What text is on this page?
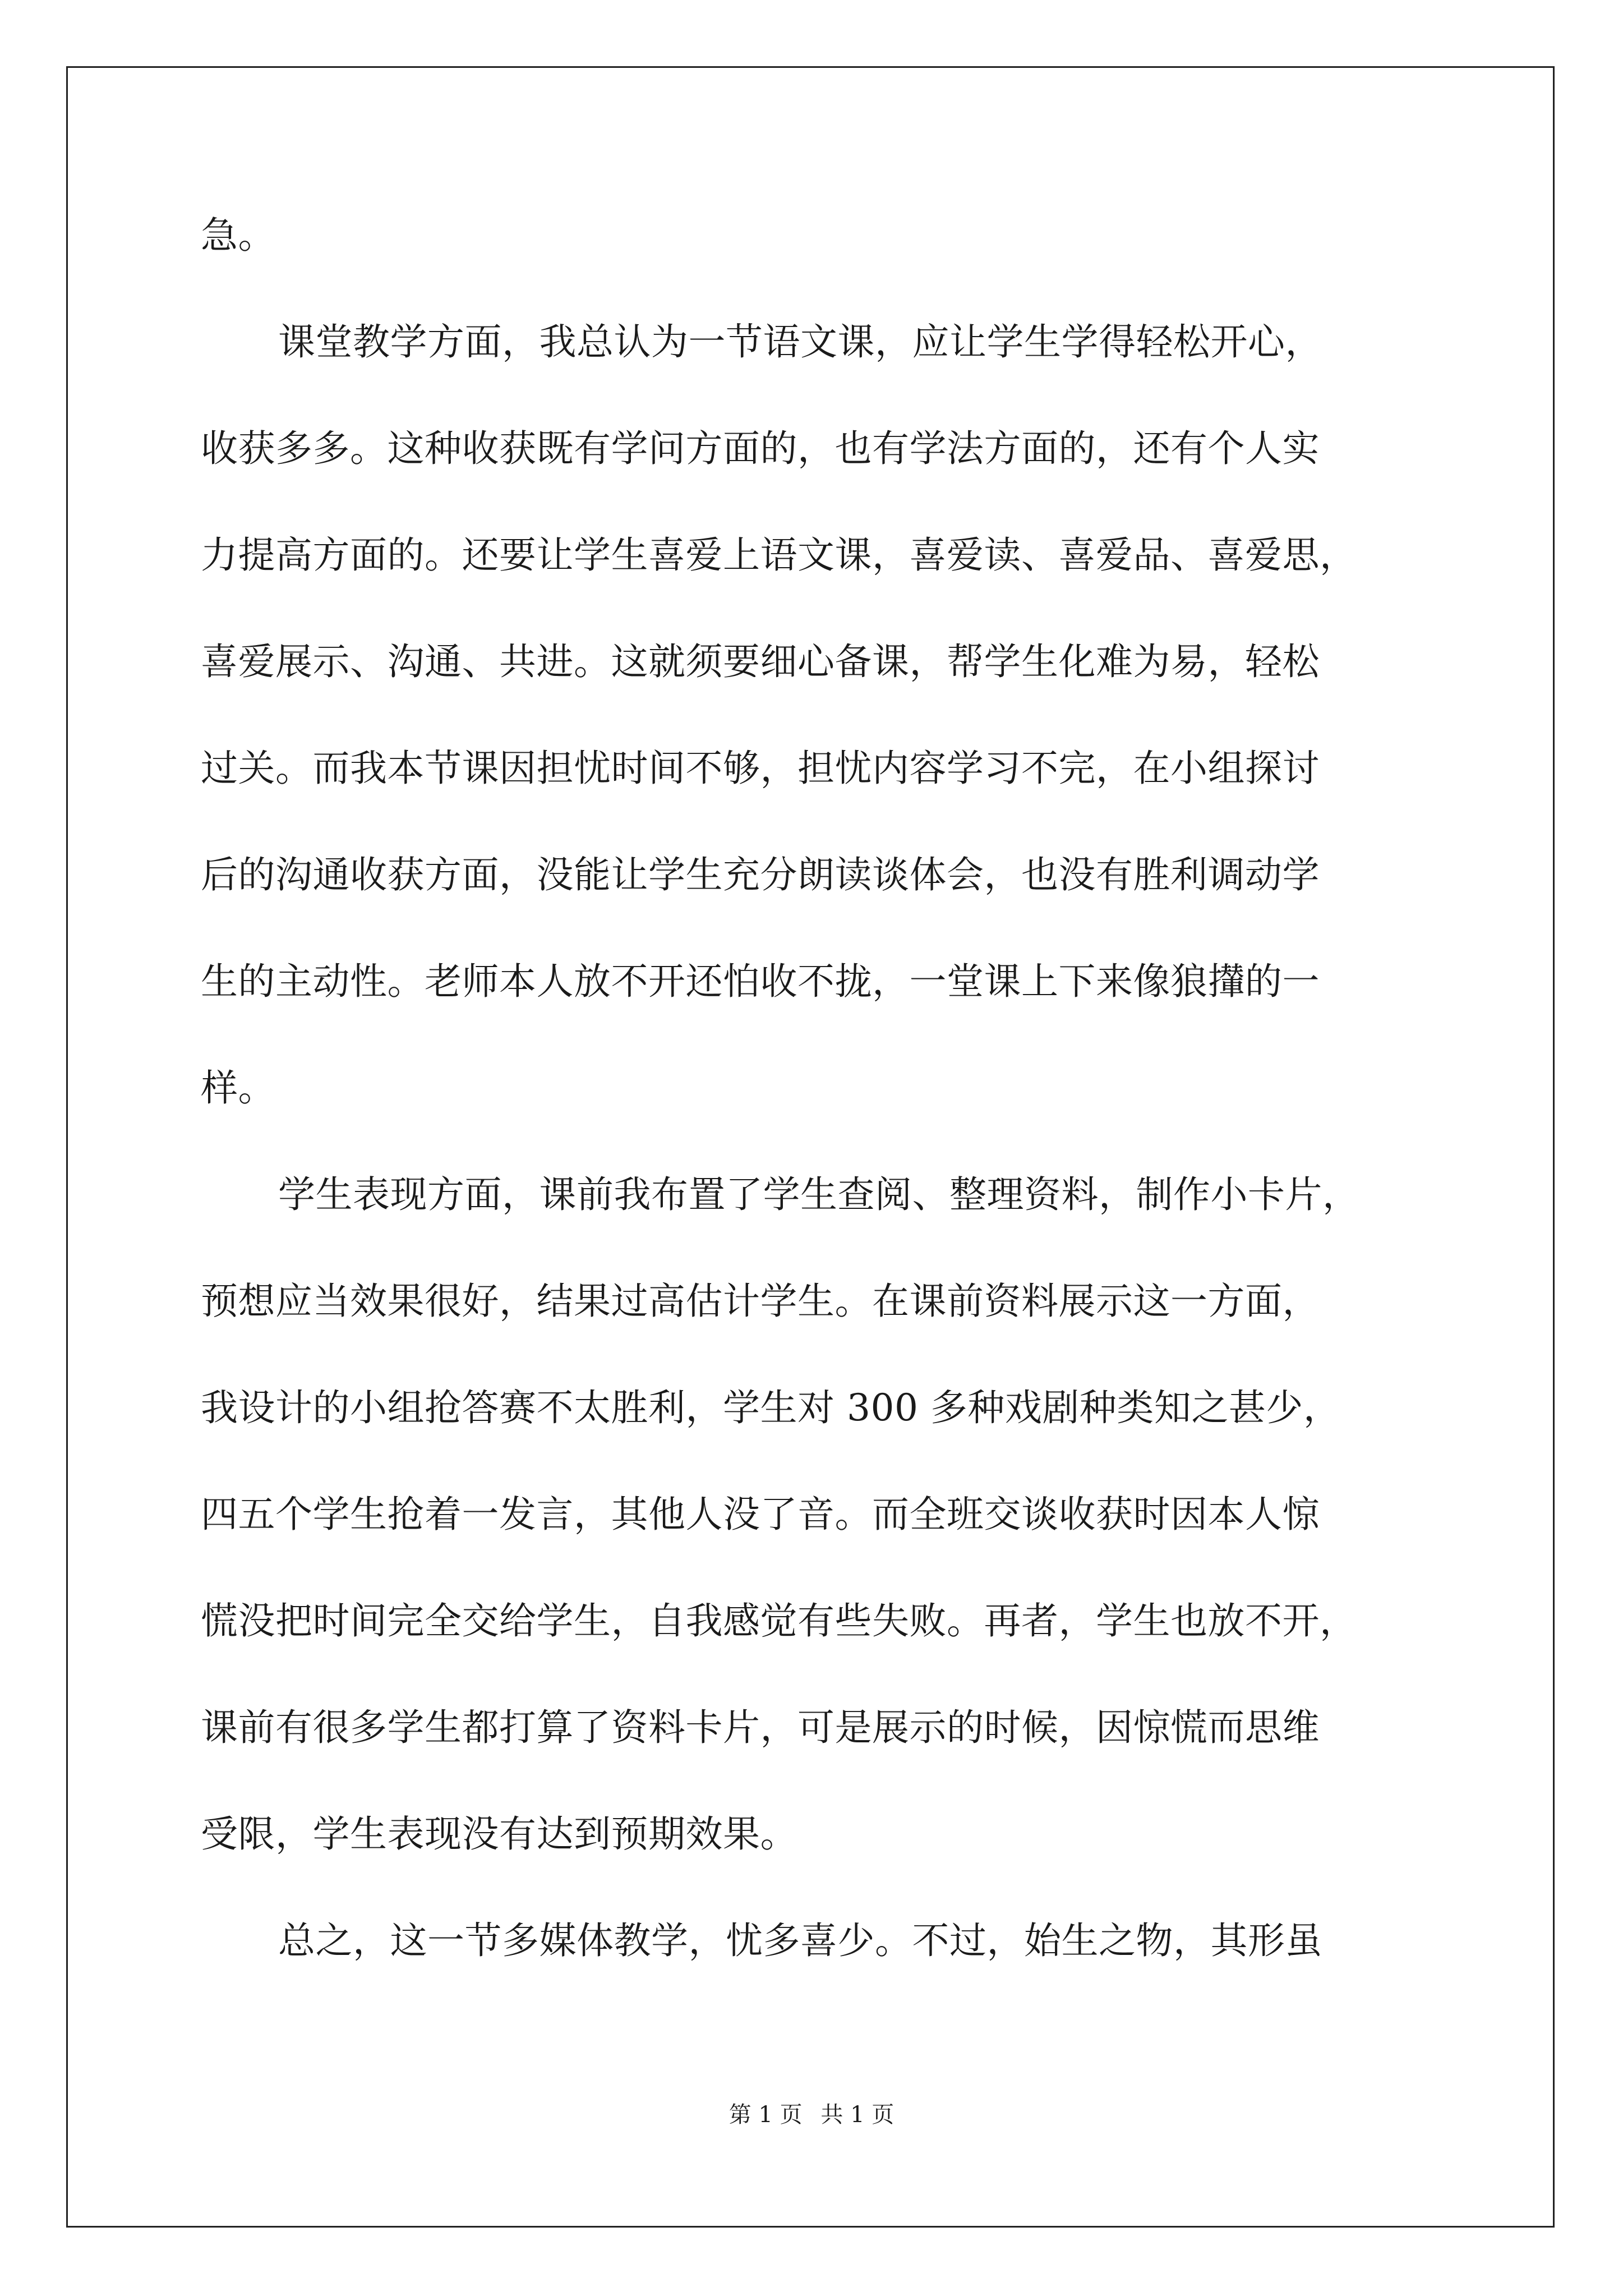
急。
课堂教学方面，我总认为一节语文课，应让学生学得轻松开心，
收获多多。这种收获既有学问方面的，也有学法方面的，还有个人实
力提高方面的。还要让学生喜爱上语文课，喜爱读、喜爱品、喜爱思，
喜爱展示、沟通、共进。这就须要细心备课，帮学生化难为易，轻松
过关。而我本节课因担忧时间不够，担忧内容学习不完，在小组探讨
后的沟通收获方面，没能让学生充分朗读谈体会，也没有胜利调动学
生的主动性。老师本人放不开还怕收不拢，一堂课上下来像狼攆的一
样。
学生表现方面，课前我布置了学生查阅、整理资料，制作小卡片，
预想应当效果很好，结果过高估计学生。在课前资料展示这一方面，
我设计的小组抢答赛不太胜利，学生对 300 多种戏剧种类知之甚少，
四五个学生抢着一发言，其他人没了音。而全班交谈收获时因本人惊
慌没把时间完全交给学生，自我感觉有些失败。再者，学生也放不开，
课前有很多学生都打算了资料卡片，可是展示的时候，因惊慌而思维
受限，学生表现没有达到预期效果。
总之，这一节多媒体教学，忧多喜少。不过，始生之物，其形虽
第 1 页 共 1 页
